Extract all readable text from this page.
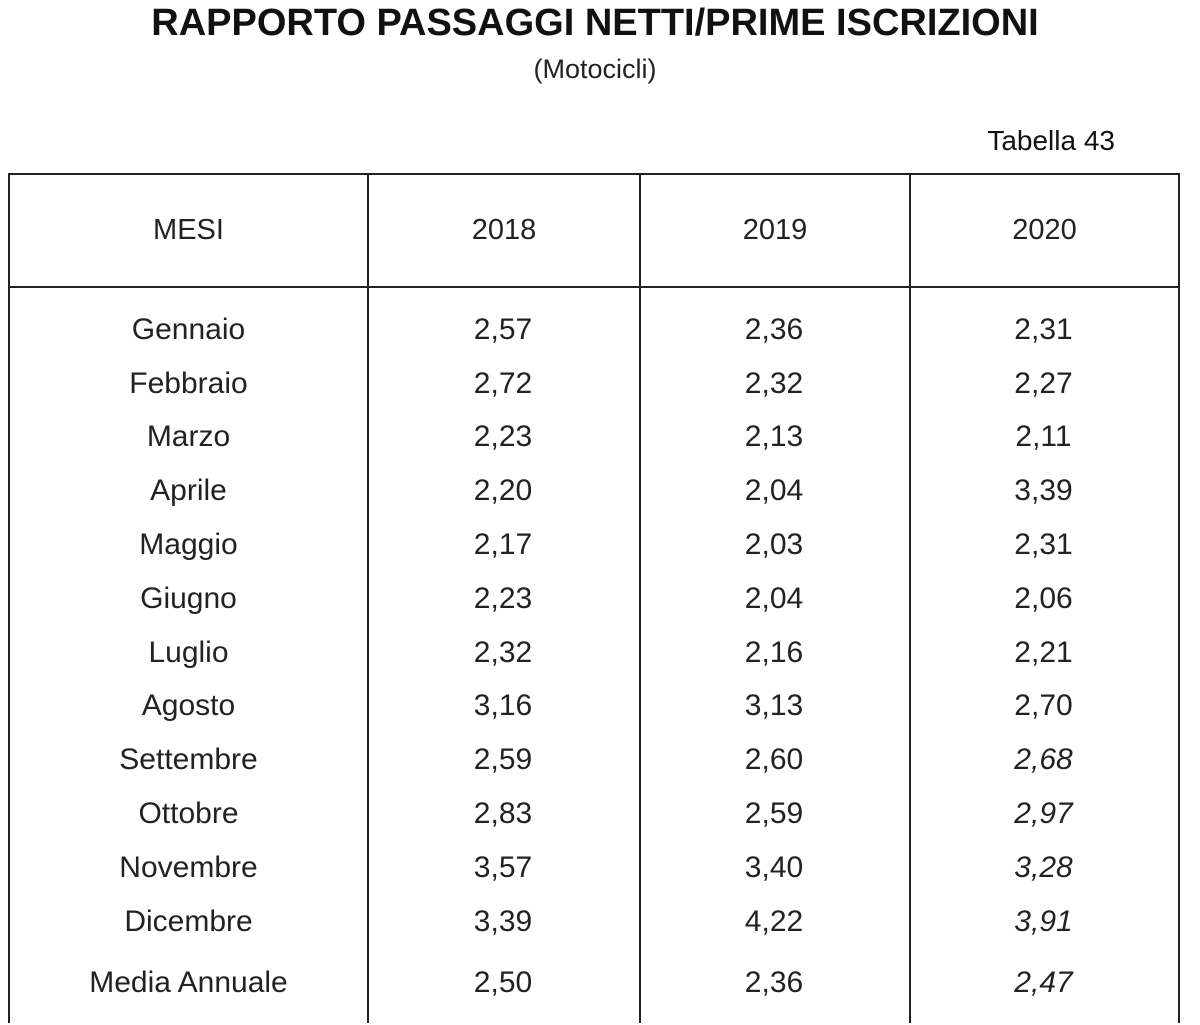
RAPPORTO PASSAGGI NETTI/PRIME ISCRIZIONI
(Motocicli)
Tabella 43
MESI	2018	2019	2020
Gennaio	2,57	2,36	2,31
Febbraio	2,72	2,32	2,27
Marzo	2,23	2,13	2,11
Aprile	2,20	2,04	3,39
Maggio	2,17	2,03	2,31
Giugno	2,23	2,04	2,06
Luglio	2,32	2,16	2,21
Agosto	3,16	3,13	2,70
Settembre	2,59	2,60	2,68
Ottobre	2,83	2,59	2,97
Novembre	3,57	3,40	3,28
Dicembre	3,39	4,22	3,91
Media Annuale	2,50	2,36	2,47
